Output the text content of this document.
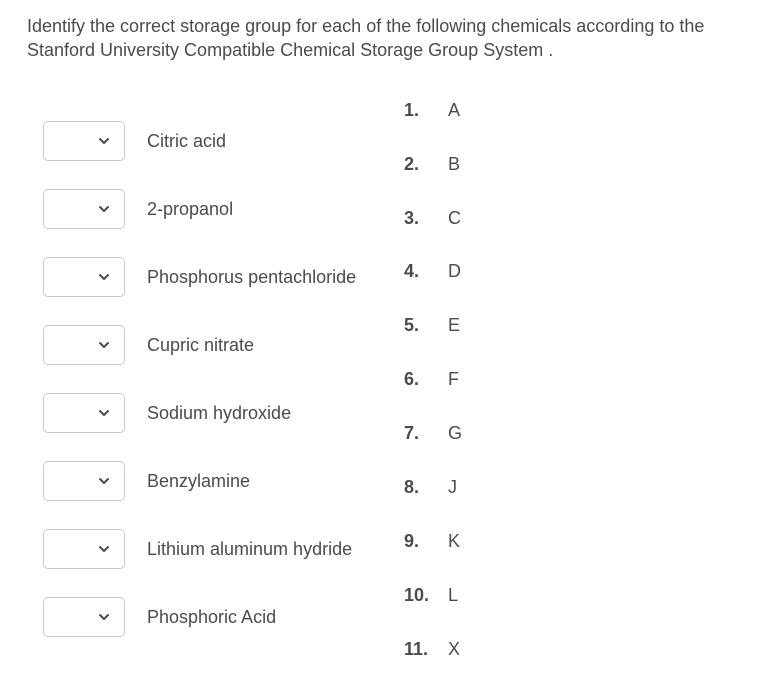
Identify the correct storage group for each of the following chemicals according to the Stanford University Compatible Chemical Storage Group System .
Citric acid
2-propanol
Phosphorus pentachloride
Cupric nitrate
Sodium hydroxide
Benzylamine
Lithium aluminum hydride
Phosphoric Acid
1.	A
2.	B
3.	C
4.	D
5.	E
6.	F
7.	G
8.	J
9.	K
10. L
11. X
